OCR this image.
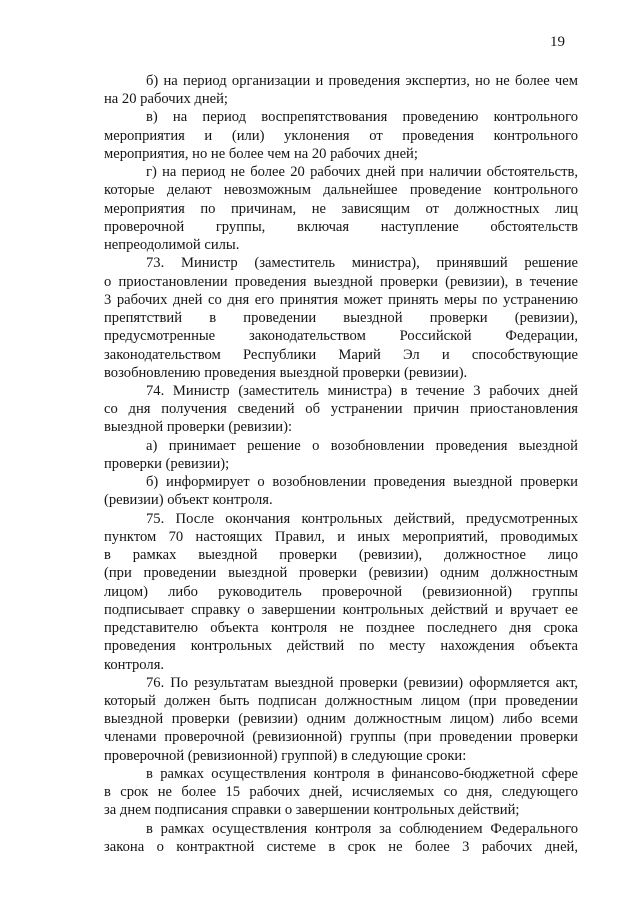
19
б) на период организации и проведения экспертиз, но не более чем
на 20 рабочих дней;
в) на период воспрепятствования проведению контрольного
мероприятия и (или) уклонения от проведения контрольного
мероприятия, но не более чем на 20 рабочих дней;
г) на период не более 20 рабочих дней при наличии обстоятельств,
которые делают невозможным дальнейшее проведение контрольного
мероприятия по причинам, не зависящим от должностных лиц
проверочной группы, включая наступление обстоятельств
непреодолимой силы.
73. Министр (заместитель министра), принявший решение
о приостановлении проведения выездной проверки (ревизии), в течение
3 рабочих дней со дня его принятия может принять меры по устранению
препятствий в проведении выездной проверки (ревизии),
предусмотренные законодательством Российской Федерации,
законодательством Республики Марий Эл и способствующие
возобновлению проведения выездной проверки (ревизии).
74. Министр (заместитель министра) в течение 3 рабочих дней
со дня получения сведений об устранении причин приостановления
выездной проверки (ревизии):
а) принимает решение о возобновлении проведения выездной
проверки (ревизии);
б) информирует о возобновлении проведения выездной проверки
(ревизии) объект контроля.
75. После окончания контрольных действий, предусмотренных
пунктом 70 настоящих Правил, и иных мероприятий, проводимых
в рамках выездной проверки (ревизии), должностное лицо
(при проведении выездной проверки (ревизии) одним должностным
лицом) либо руководитель проверочной (ревизионной) группы
подписывает справку о завершении контрольных действий и вручает ее
представителю объекта контроля не позднее последнего дня срока
проведения контрольных действий по месту нахождения объекта
контроля.
76. По результатам выездной проверки (ревизии) оформляется акт,
который должен быть подписан должностным лицом (при проведении
выездной проверки (ревизии) одним должностным лицом) либо всеми
членами проверочной (ревизионной) группы (при проведении проверки
проверочной (ревизионной) группой) в следующие сроки:
в рамках осуществления контроля в финансово-бюджетной сфере
в срок не более 15 рабочих дней, исчисляемых со дня, следующего
за днем подписания справки о завершении контрольных действий;
в рамках осуществления контроля за соблюдением Федерального
закона о контрактной системе в срок не более 3 рабочих дней,
